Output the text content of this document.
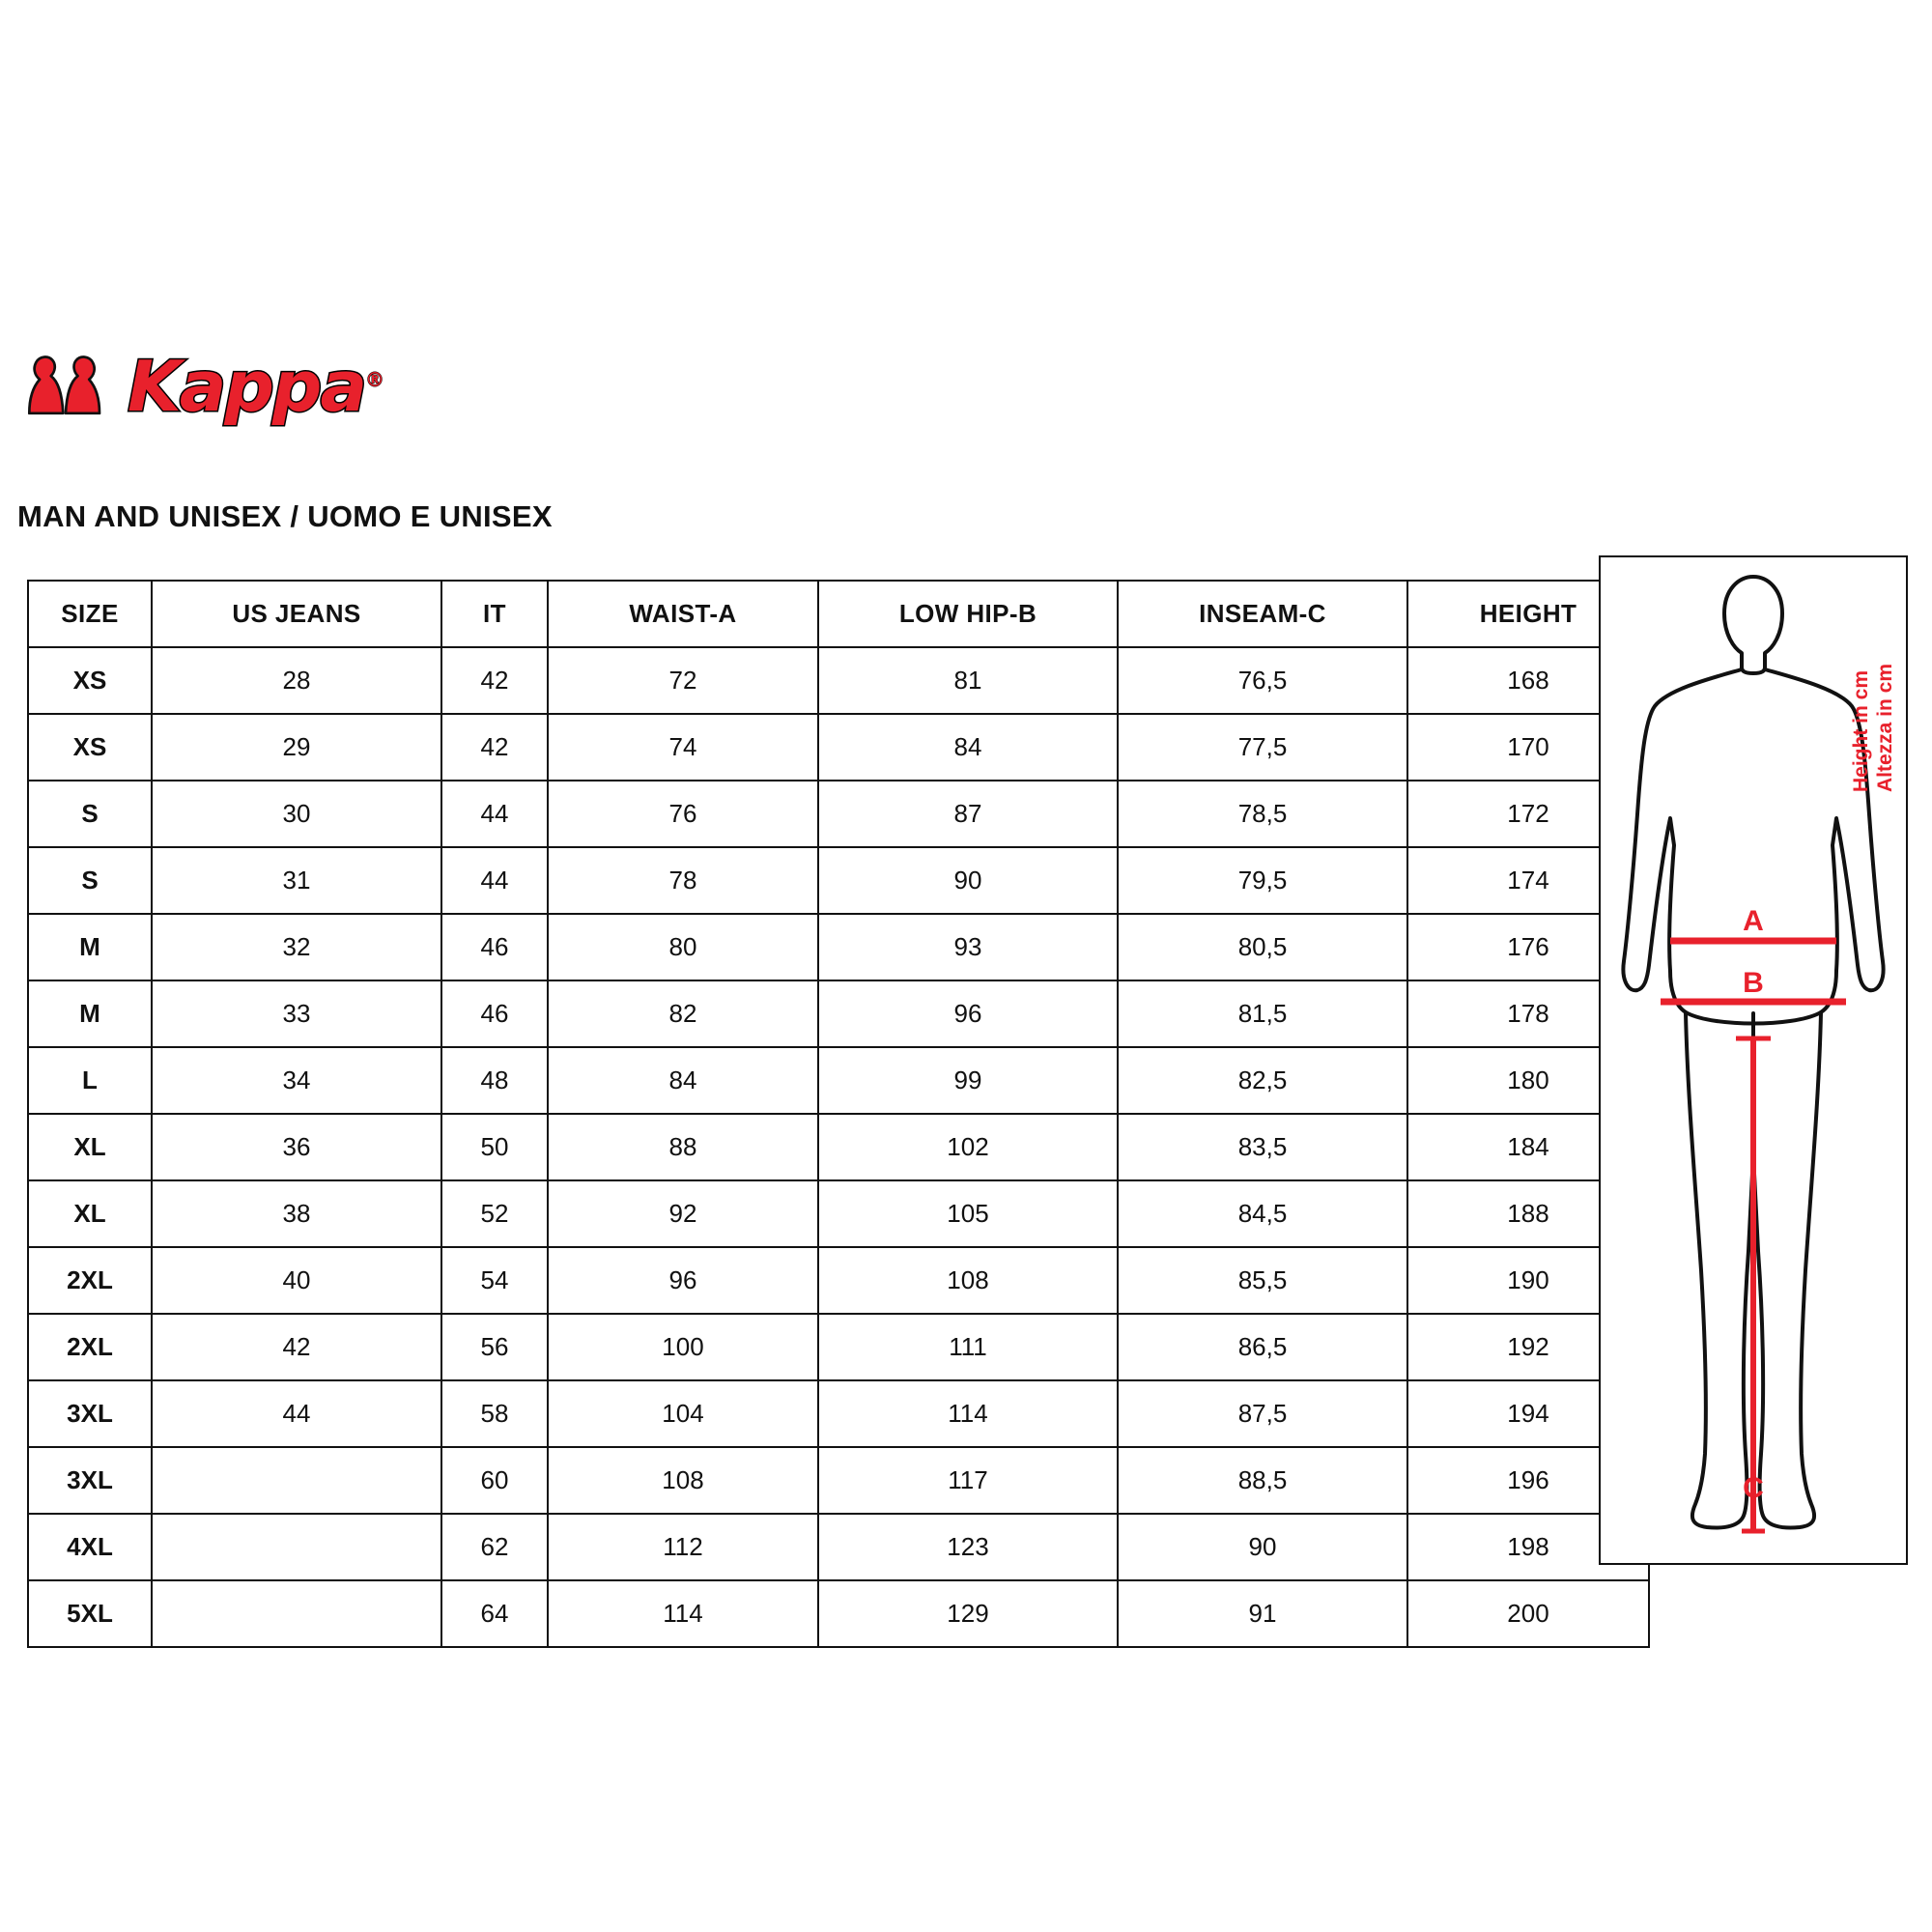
Kappa®
MAN AND UNISEX / UOMO E UNISEX
SIZE	US JEANS	IT	WAIST-A	LOW HIP-B	INSEAM-C	HEIGHT
XS	28	42	72	81	76,5	168
XS	29	42	74	84	77,5	170
S	30	44	76	87	78,5	172
S	31	44	78	90	79,5	174
M	32	46	80	93	80,5	176
M	33	46	82	96	81,5	178
L	34	48	84	99	82,5	180
XL	36	50	88	102	83,5	184
XL	38	52	92	105	84,5	188
2XL	40	54	96	108	85,5	190
2XL	42	56	100	111	86,5	192
3XL	44	58	104	114	87,5	194
3XL		60	108	117	88,5	196
4XL		62	112	123	90	198
5XL		64	114	129	91	200
A
B
C
Height in cm Altezza in cm
